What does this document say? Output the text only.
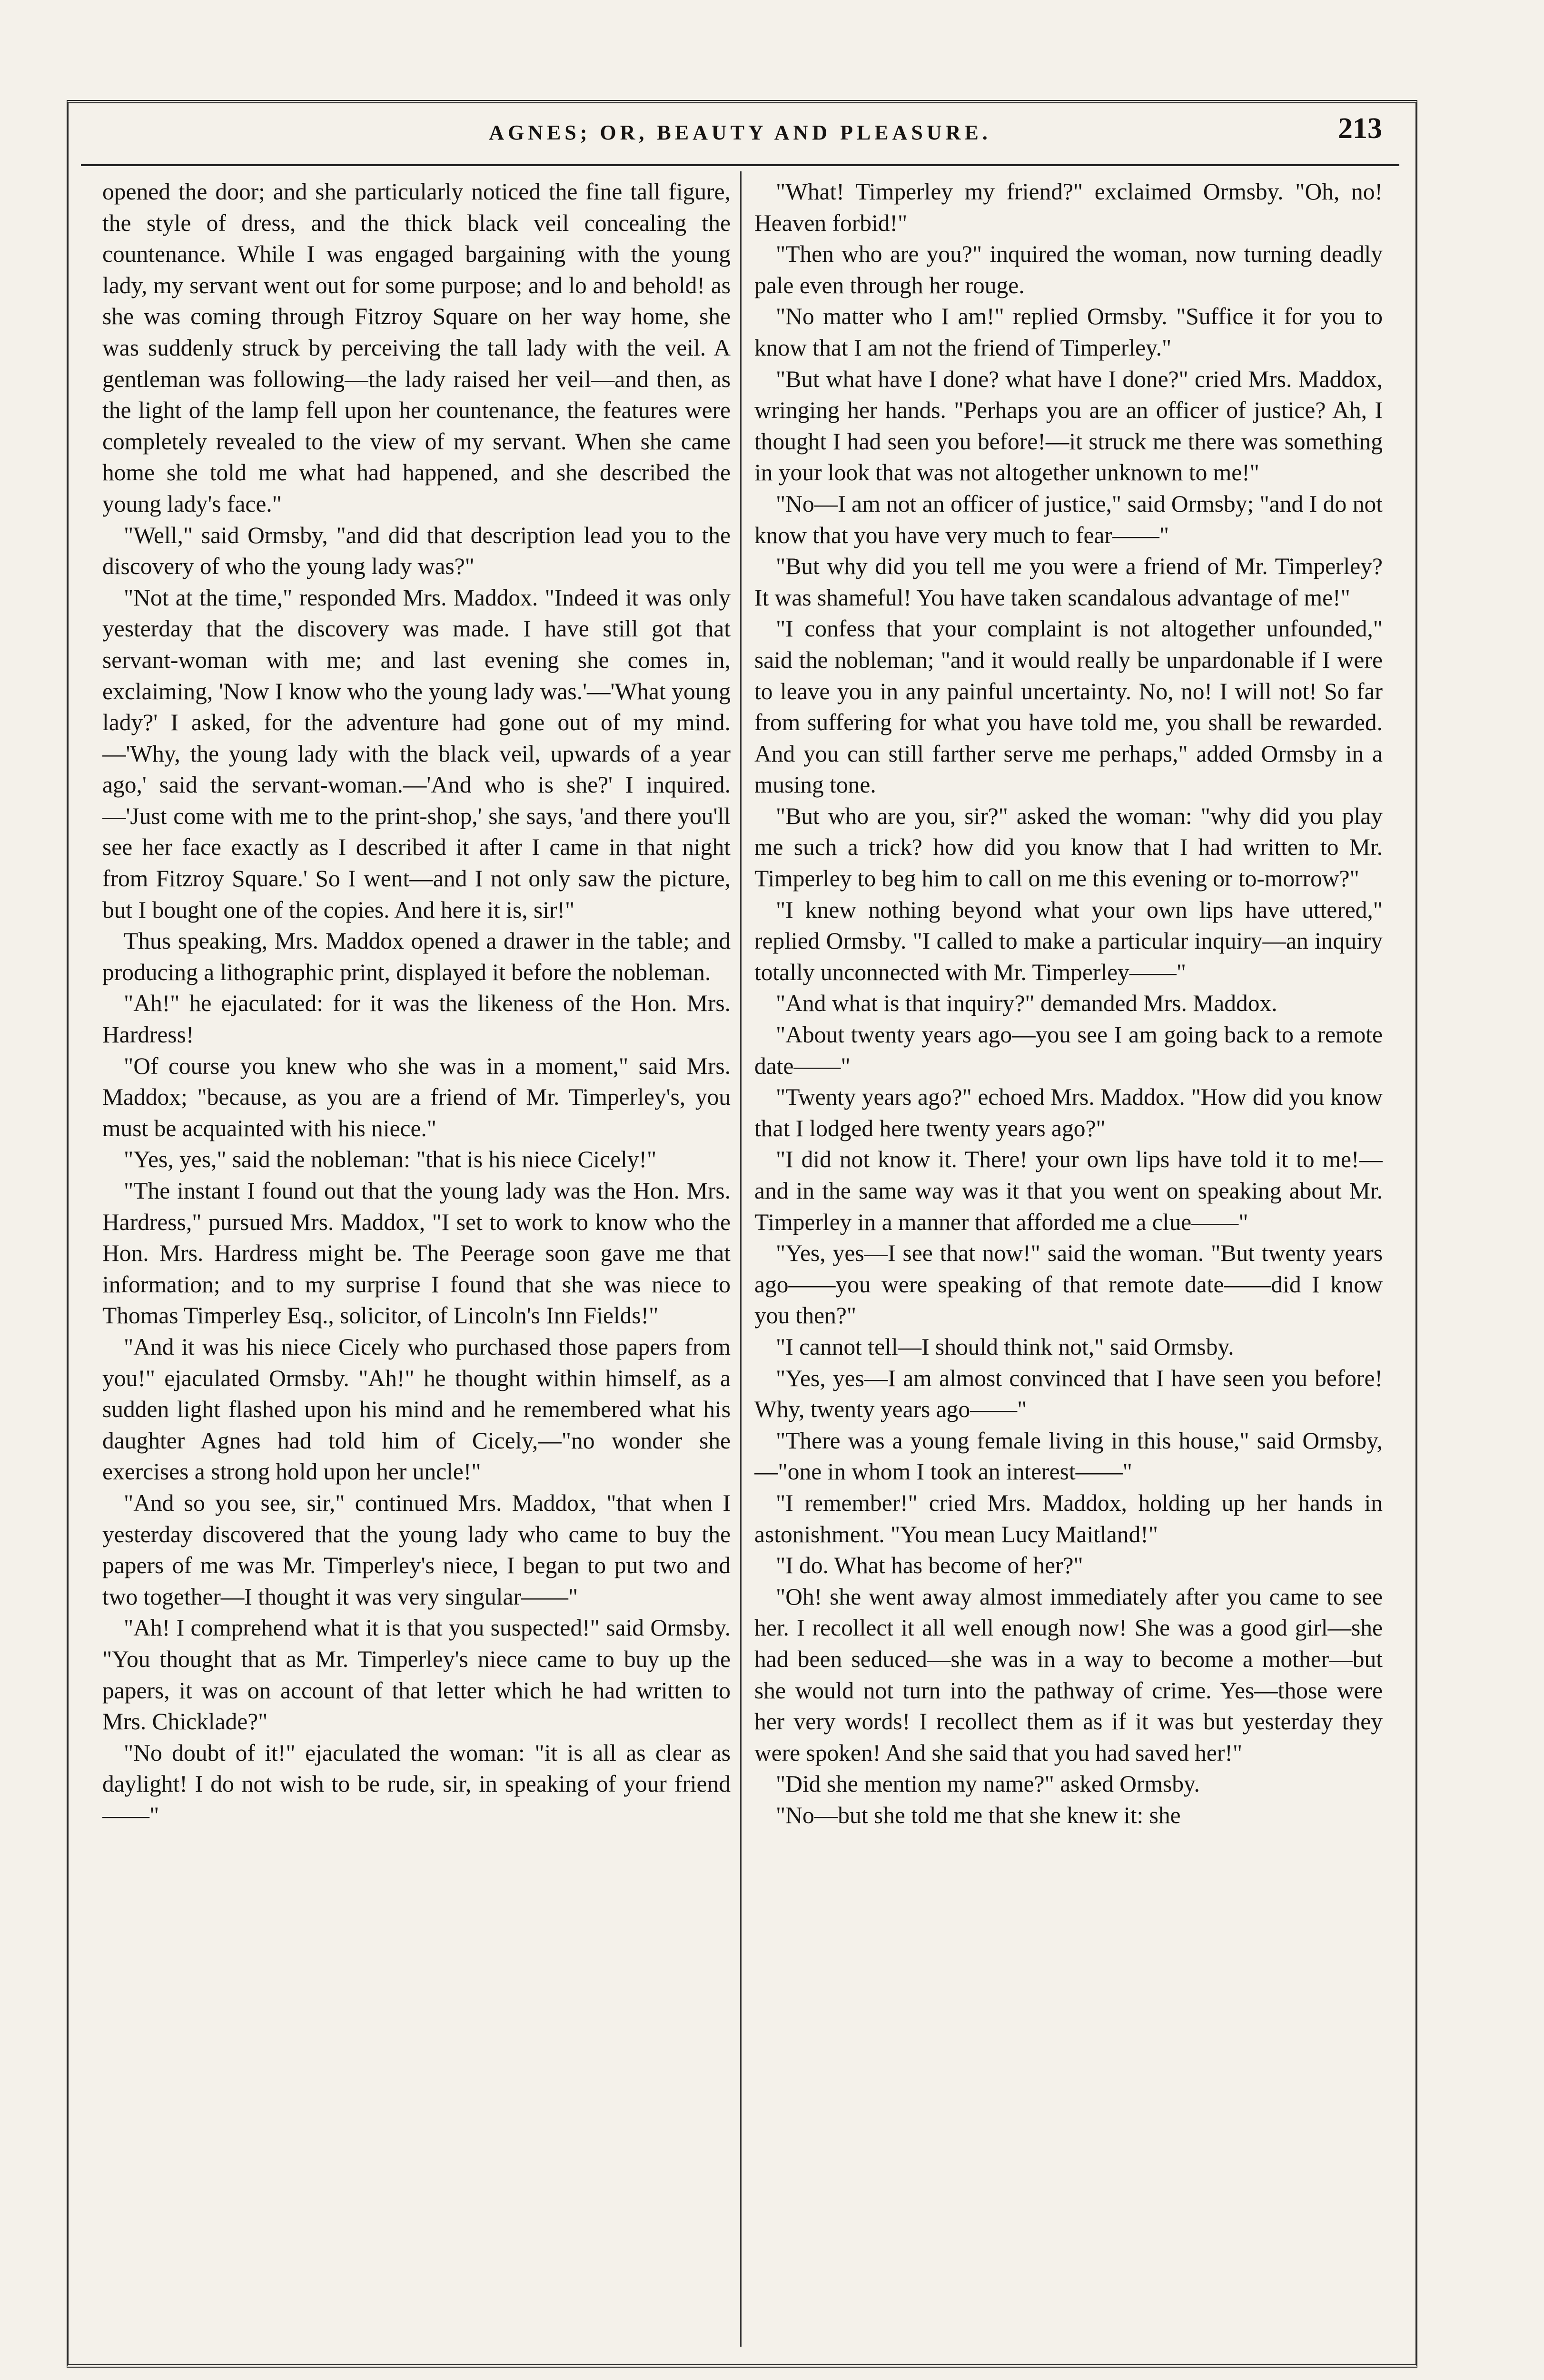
AGNES; OR, BEAUTY AND PLEASURE.	213

opened the door; and she particularly noticed the fine tall figure, the style of dress, and the thick black veil concealing the countenance. While I was engaged bargaining with the young lady, my servant went out for some purpose; and lo and behold! as she was coming through Fitzroy Square on her way home, she was suddenly struck by perceiving the tall lady with the veil. A gentleman was following—the lady raised her veil—and then, as the light of the lamp fell upon her countenance, the features were completely revealed to the view of my servant. When she came home she told me what had happened, and she described the young lady's face."

"Well," said Ormsby, "and did that description lead you to the discovery of who the young lady was?"

"Not at the time," responded Mrs. Maddox. "Indeed it was only yesterday that the discovery was made. I have still got that servant-woman with me; and last evening she comes in, exclaiming, 'Now I know who the young lady was.'—'What young lady?' I asked, for the adventure had gone out of my mind.—'Why, the young lady with the black veil, upwards of a year ago,' said the servant-woman.—'And who is she?' I inquired.—'Just come with me to the print-shop,' she says, 'and there you'll see her face exactly as I described it after I came in that night from Fitzroy Square.' So I went—and I not only saw the picture, but I bought one of the copies. And here it is, sir!"

Thus speaking, Mrs. Maddox opened a drawer in the table; and producing a lithographic print, displayed it before the nobleman.

"Ah!" he ejaculated: for it was the likeness of the Hon. Mrs. Hardress!

"Of course you knew who she was in a moment," said Mrs. Maddox; "because, as you are a friend of Mr. Timperley's, you must be acquainted with his niece."

"Yes, yes," said the nobleman: "that is his niece Cicely!"

"The instant I found out that the young lady was the Hon. Mrs. Hardress," pursued Mrs. Maddox, "I set to work to know who the Hon. Mrs. Hardress might be. The Peerage soon gave me that information; and to my surprise I found that she was niece to Thomas Timperley Esq., solicitor, of Lincoln's Inn Fields!"

"And it was his niece Cicely who purchased those papers from you!" ejaculated Ormsby. "Ah!" he thought within himself, as a sudden light flashed upon his mind and he remembered what his daughter Agnes had told him of Cicely,—"no wonder she exercises a strong hold upon her uncle!"

"And so you see, sir," continued Mrs. Maddox, "that when I yesterday discovered that the young lady who came to buy the papers of me was Mr. Timperley's niece, I began to put two and two together—I thought it was very singular——"

"Ah! I comprehend what it is that you suspected!" said Ormsby. "You thought that as Mr. Timperley's niece came to buy up the papers, it was on account of that letter which he had written to Mrs. Chicklade?"

"No doubt of it!" ejaculated the woman: "it is all as clear as daylight! I do not wish to be rude, sir, in speaking of your friend——"

"What! Timperley my friend?" exclaimed Ormsby. "Oh, no! Heaven forbid!"

"Then who are you?" inquired the woman, now turning deadly pale even through her rouge.

"No matter who I am!" replied Ormsby. "Suffice it for you to know that I am not the friend of Timperley."

"But what have I done? what have I done?" cried Mrs. Maddox, wringing her hands. "Perhaps you are an officer of justice? Ah, I thought I had seen you before!—it struck me there was something in your look that was not altogether unknown to me!"

"No—I am not an officer of justice," said Ormsby; "and I do not know that you have very much to fear——"

"But why did you tell me you were a friend of Mr. Timperley? It was shameful! You have taken scandalous advantage of me!"

"I confess that your complaint is not altogether unfounded," said the nobleman; "and it would really be unpardonable if I were to leave you in any painful uncertainty. No, no! I will not! So far from suffering for what you have told me, you shall be rewarded. And you can still farther serve me perhaps," added Ormsby in a musing tone.

"But who are you, sir?" asked the woman: "why did you play me such a trick? how did you know that I had written to Mr. Timperley to beg him to call on me this evening or to-morrow?"

"I knew nothing beyond what your own lips have uttered," replied Ormsby. "I called to make a particular inquiry—an inquiry totally unconnected with Mr. Timperley——"

"And what is that inquiry?" demanded Mrs. Maddox.

"About twenty years ago—you see I am going back to a remote date——"

"Twenty years ago?" echoed Mrs. Maddox. "How did you know that I lodged here twenty years ago?"

"I did not know it. There! your own lips have told it to me!—and in the same way was it that you went on speaking about Mr. Timperley in a manner that afforded me a clue——"

"Yes, yes—I see that now!" said the woman. "But twenty years ago——you were speaking of that remote date——did I know you then?"

"I cannot tell—I should think not," said Ormsby.

"Yes, yes—I am almost convinced that I have seen you before! Why, twenty years ago——"

"There was a young female living in this house," said Ormsby,—"one in whom I took an interest——"

"I remember!" cried Mrs. Maddox, holding up her hands in astonishment. "You mean Lucy Maitland!"

"I do. What has become of her?"

"Oh! she went away almost immediately after you came to see her. I recollect it all well enough now! She was a good girl—she had been seduced—she was in a way to become a mother—but she would not turn into the pathway of crime. Yes—those were her very words! I recollect them as if it was but yesterday they were spoken! And she said that you had saved her!"

"Did she mention my name?" asked Ormsby.

"No—but she told me that she knew it: she
